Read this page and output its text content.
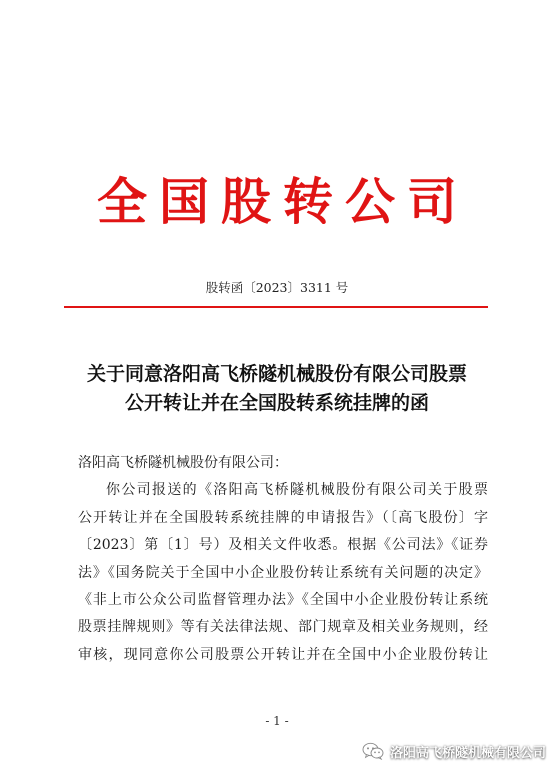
全国股转公司
股转函〔2023〕3311 号
关于同意洛阳高飞桥隧机械股份有限公司股票
公开转让并在全国股转系统挂牌的函
洛阳高飞桥隧机械股份有限公司：
你公司报送的《洛阳高飞桥隧机械股份有限公司关于股票
公开转让并在全国股转系统挂牌的申请报告》（〔高飞股份〕字
〔2023〕第〔1〕号）及相关文件收悉。根据《公司法》《证券
法》《国务院关于全国中小企业股份转让系统有关问题的决定》
《非上市公众公司监督管理办法》《全国中小企业股份转让系统
股票挂牌规则》等有关法律法规、部门规章及相关业务规则，经
审核，现同意你公司股票公开转让并在全国中小企业股份转让
- 1 -
洛阳高飞桥隧机械有限公司
